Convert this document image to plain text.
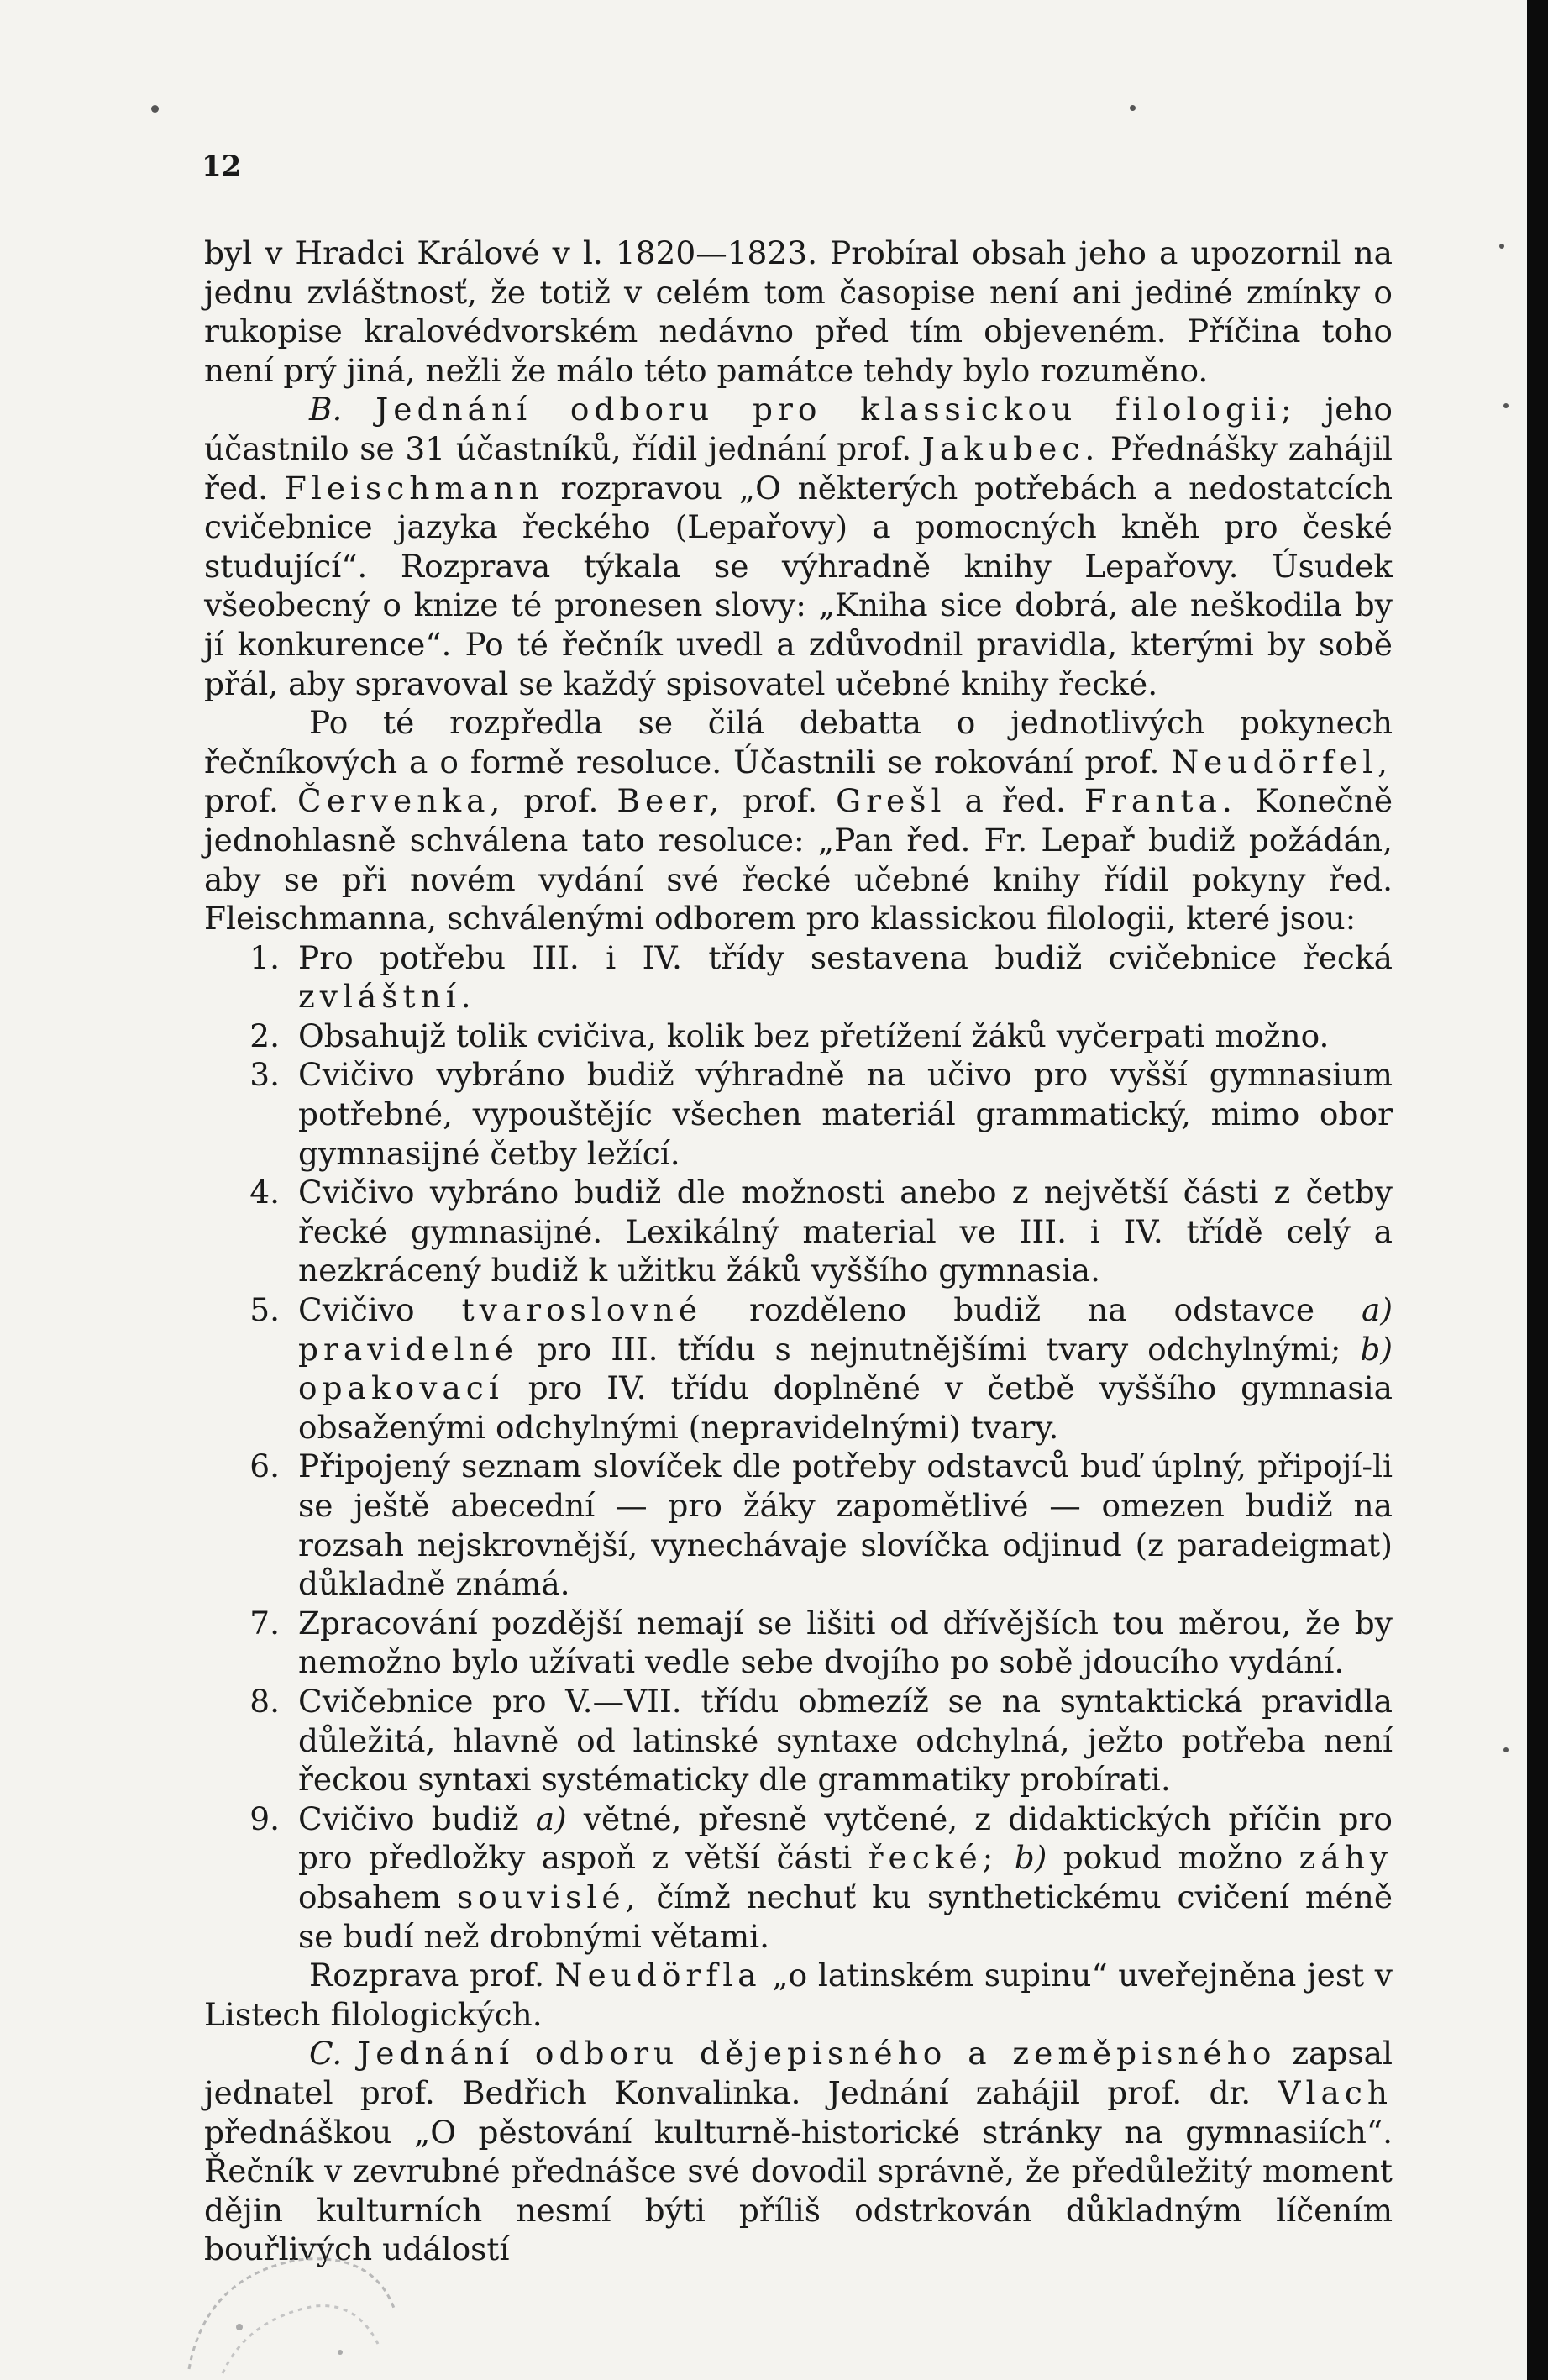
12

byl v Hradci Králové v l. 1820—1823. Probíral obsah jeho a upozornil na jednu zvláštnosť, že totiž v celém tom časopise není ani jediné zmínky o rukopise kralovédvorském nedávno před tím objeveném. Příčina toho není prý jiná, nežli že málo této památce tehdy bylo rozuměno.

B. Jednání odboru pro klassickou filologii; jeho účastnilo se 31 účastníků, řídil jednání prof. Jakubec. Přednášky zahájil řed. Fleischmann rozpravou „O některých potřebách a nedostatcích cvičebnice jazyka řeckého (Lepařovy) a pomocných kněh pro české studující“. Rozprava týkala se výhradně knihy Lepařovy. Úsudek všeobecný o knize té pronesen slovy: „Kniha sice dobrá, ale neškodila by jí konkurence“. Po té řečník uvedl a zdůvodnil pravidla, kterými by sobě přál, aby spravoval se každý spisovatel učebné knihy řecké.

Po té rozpředla se čilá debatta o jednotlivých pokynech řečníkových a o formě resoluce. Účastnili se rokování prof. Neudörfel, prof. Červenka, prof. Beer, prof. Grešl a řed. Franta. Konečně jednohlasně schválena tato resoluce: „Pan řed. Fr. Lepař budiž požádán, aby se při novém vydání své řecké učebné knihy řídil pokyny řed. Fleischmanna, schválenými odborem pro klassickou filologii, které jsou:

1. Pro potřebu III. i IV. třídy sestavena budiž cvičebnice řecká zvláštní.
2. Obsahujž tolik cvičiva, kolik bez přetížení žáků vyčerpati možno.
3. Cvičivo vybráno budiž výhradně na učivo pro vyšší gymnasium potřebné, vypouštějíc všechen materiál grammatický, mimo obor gymnasijné četby ležící.
4. Cvičivo vybráno budiž dle možnosti anebo z největší části z četby řecké gymnasijné. Lexikálný material ve III. i IV. třídě celý a nezkrácený budiž k užitku žáků vyššího gymnasia.
5. Cvičivo tvaroslovné rozděleno budiž na odstavce a) pravidelné pro III. třídu s nejnutnějšími tvary odchylnými; b) opakovací pro IV. třídu doplněné v četbě vyššího gymnasia obsaženými odchylnými (nepravidelnými) tvary.
6. Připojený seznam slovíček dle potřeby odstavců buď úplný, připojí-li se ještě abecední — pro žáky zapomětlivé — omezen budiž na rozsah nejskrovnější, vynechávaje slovíčka odjinud (z paradeigmat) důkladně známá.
7. Zpracování pozdější nemají se lišiti od dřívějších tou měrou, že by nemožno bylo užívati vedle sebe dvojího po sobě jdoucího vydání.
8. Cvičebnice pro V.—VII. třídu obmezíž se na syntaktická pravidla důležitá, hlavně od latinské syntaxe odchylná, ježto potřeba není řeckou syntaxi systématicky dle grammatiky probírati.
9. Cvičivo budiž a) větné, přesně vytčené, z didaktických příčin pro pro předložky aspoň z větší části řecké; b) pokud možno záhy obsahem souvislé, čímž nechuť ku synthetickému cvičení méně se budí než drobnými větami.

Rozprava prof. Neudörfla „o latinském supinu“ uveřejněna jest v Listech filologických.

C. Jednání odboru dějepisného a zeměpisného zapsal jednatel prof. Bedřich Konvalinka. Jednání zahájil prof. dr. Vlach přednáškou „O pěstování kulturně-historické stránky na gymnasiích“. Řečník v zevrubné přednášce své dovodil správně, že předůležitý moment dějin kulturních nesmí býti příliš odstrkován důkladným líčením bouřlivých událostí
